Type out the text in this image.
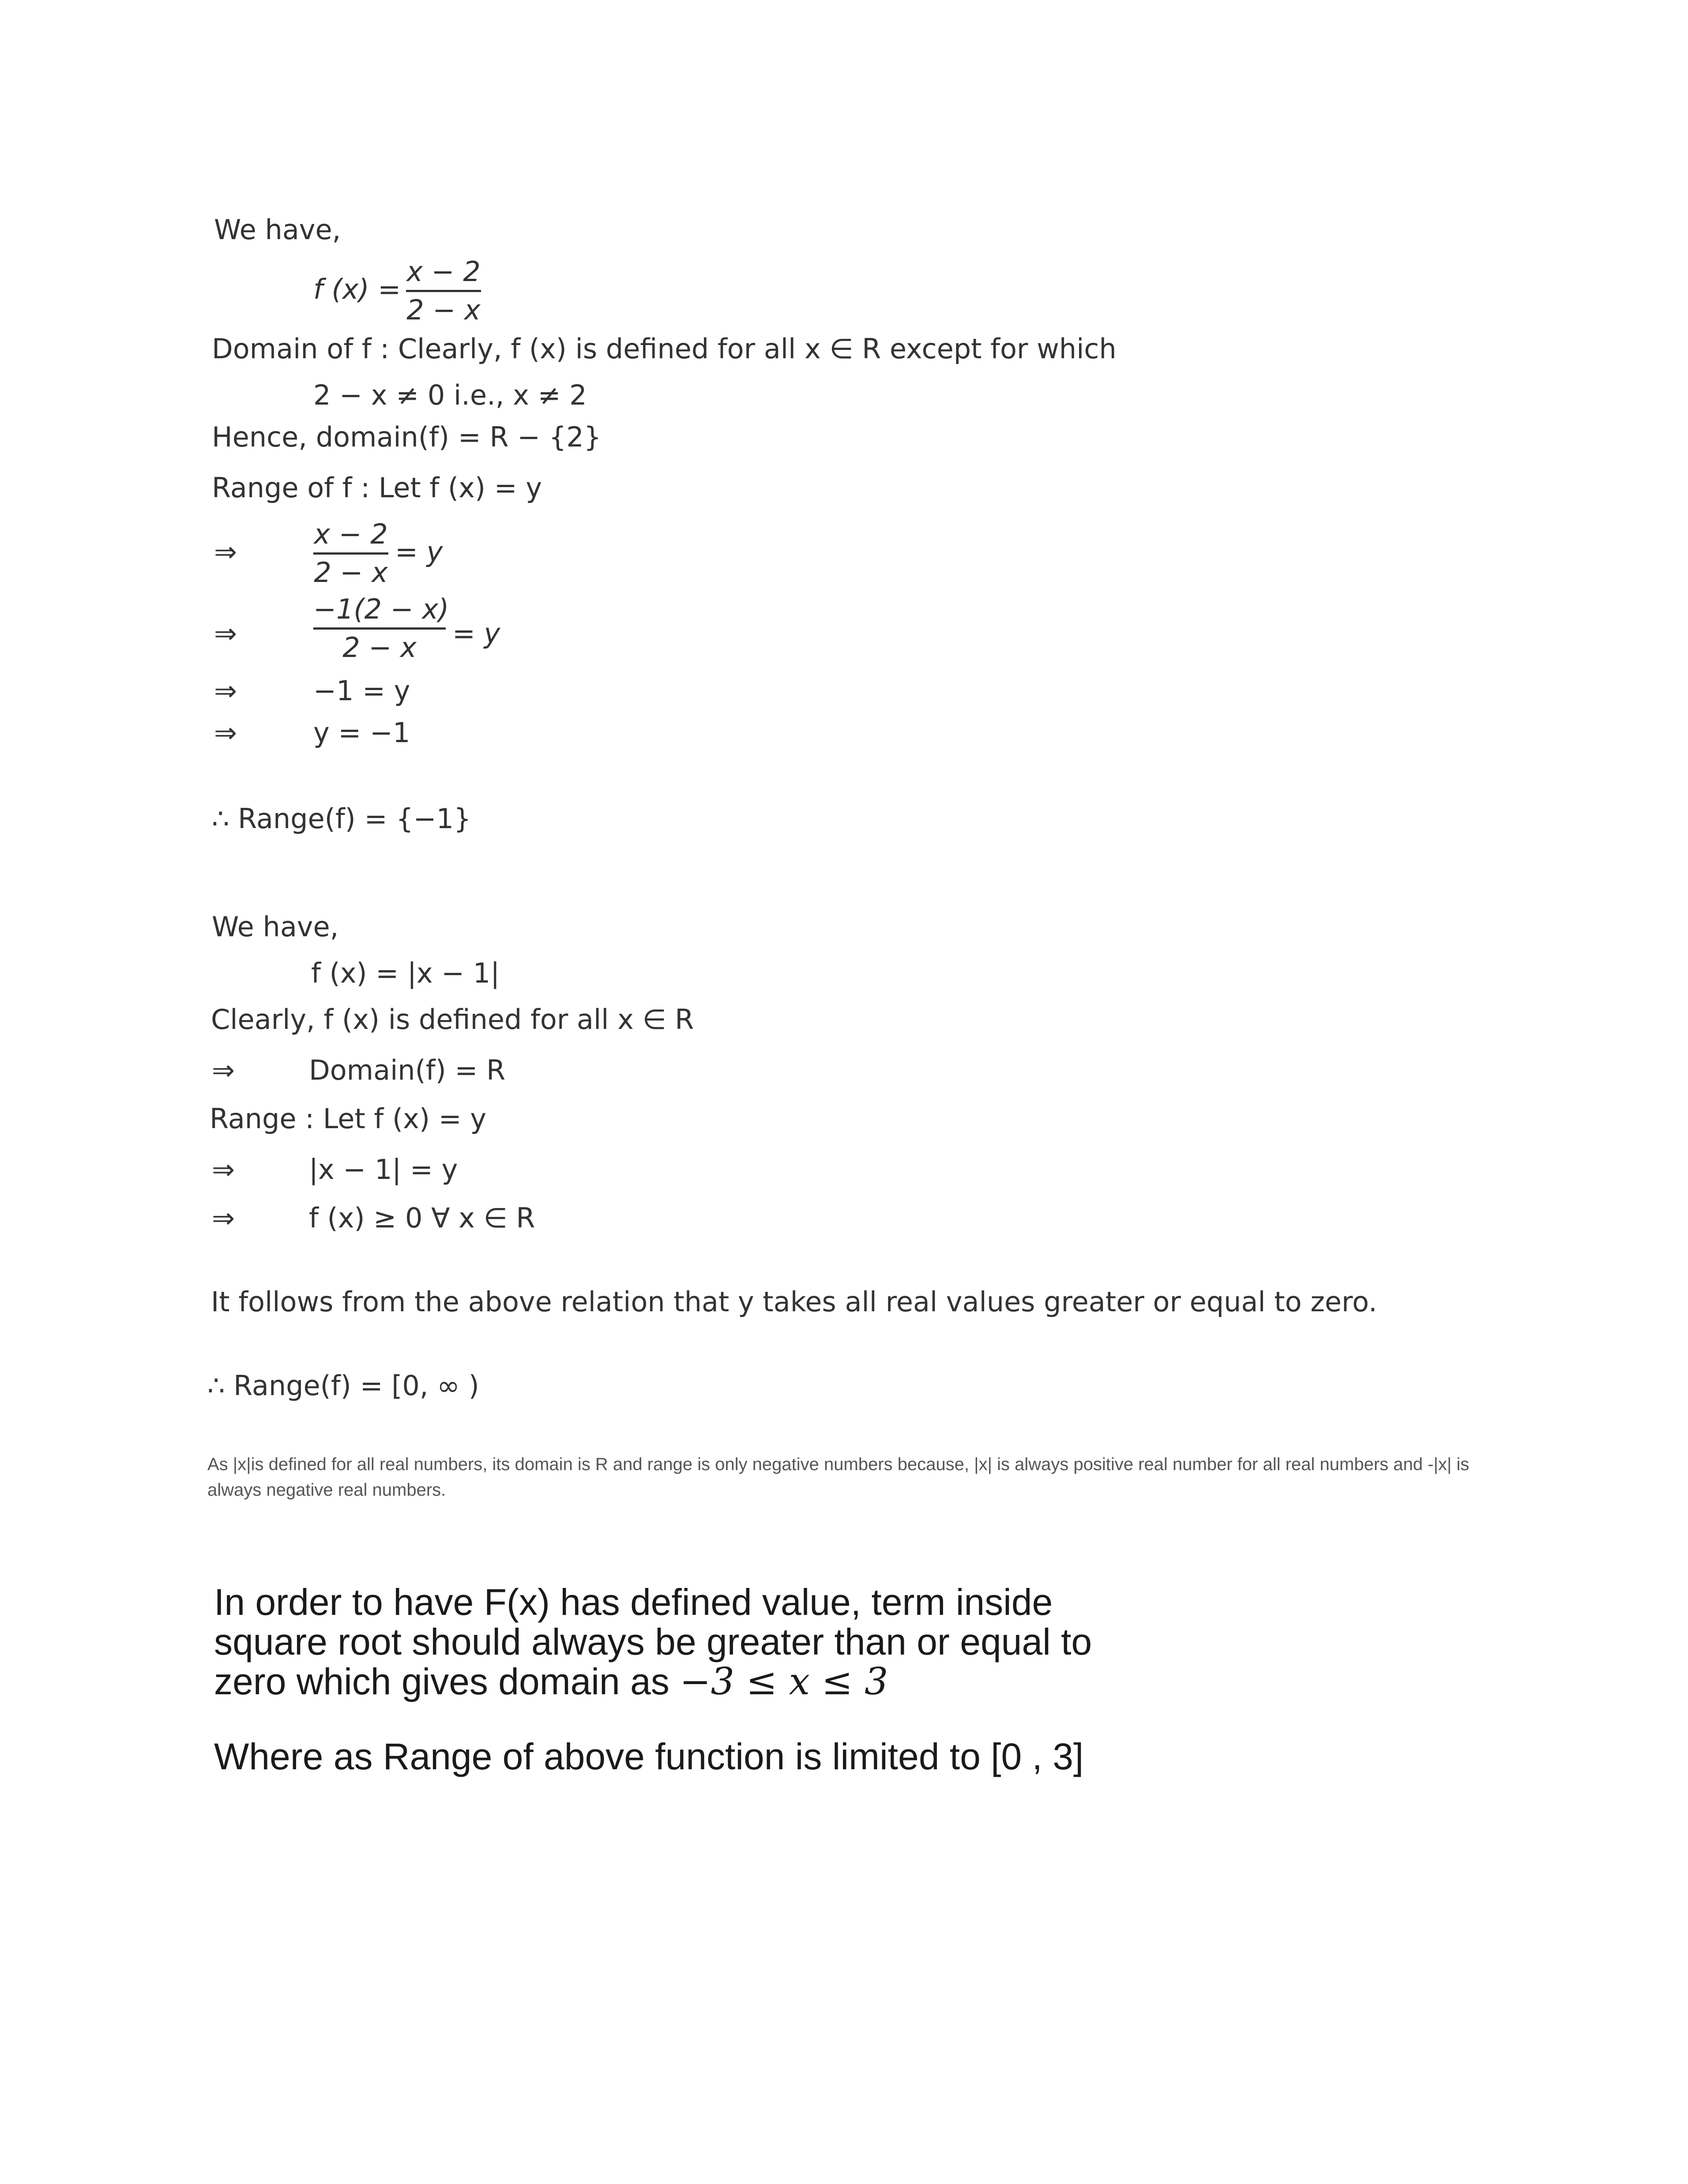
We have,
f (x) =
x − 2
2 − x
Domain of f : Clearly, f (x) is defined for all x ∈ R except for which
2 − x ≠ 0 i.e., x ≠ 2
Hence, domain(f) = R − {2}
Range of f : Let f (x) = y
⇒
x − 2
2 − x
= y
⇒
−1(2 − x)
2 − x	= y
⇒	−1 = y
⇒	y = −1
∴ Range(f) = {−1}
We have,
f (x) = |x − 1|
Clearly, f (x) is defined for all x ∈ R
⇒	Domain(f) = R
Range : Let f (x) = y
⇒	|x − 1| = y
⇒	f (x) ≥ 0 ∀ x ∈ R
It follows from the above relation that y takes all real values greater or equal to zero.
∴ Range(f) = [0, ∞ )
As |x|is defined for all real numbers, its domain is R and range is only negative numbers because, |x| is always positive real number for all real numbers and -|x| is always negative real numbers.
In order to have F(x) has defined value, term inside
square root should always be greater than or equal to
zero which gives domain as −3 ≤ x ≤ 3
Where as Range of above function is limited to [0 , 3]
